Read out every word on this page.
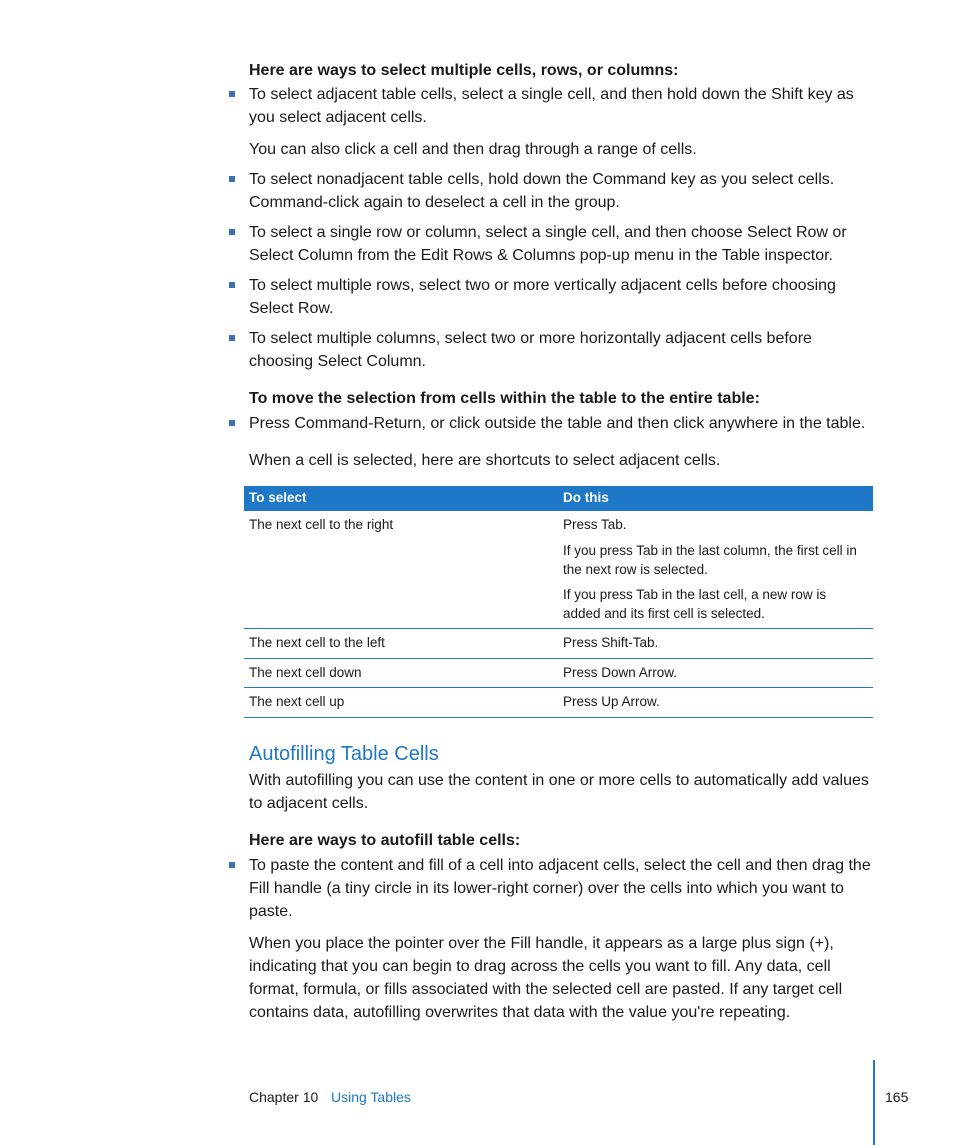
Here are ways to select multiple cells, rows, or columns:
To select adjacent table cells, select a single cell, and then hold down the Shift key as you select adjacent cells.
You can also click a cell and then drag through a range of cells.
To select nonadjacent table cells, hold down the Command key as you select cells. Command-click again to deselect a cell in the group.
To select a single row or column, select a single cell, and then choose Select Row or Select Column from the Edit Rows & Columns pop-up menu in the Table inspector.
To select multiple rows, select two or more vertically adjacent cells before choosing Select Row.
To select multiple columns, select two or more horizontally adjacent cells before choosing Select Column.
To move the selection from cells within the table to the entire table:
Press Command-Return, or click outside the table and then click anywhere in the table.
When a cell is selected, here are shortcuts to select adjacent cells.
To select	Do this
The next cell to the right	Press Tab.
If you press Tab in the last column, the first cell in the next row is selected.
If you press Tab in the last cell, a new row is added and its first cell is selected.
The next cell to the left	Press Shift-Tab.
The next cell down	Press Down Arrow.
The next cell up	Press Up Arrow.
Autofilling Table Cells
With autofilling you can use the content in one or more cells to automatically add values to adjacent cells.
Here are ways to autofill table cells:
To paste the content and fill of a cell into adjacent cells, select the cell and then drag the Fill handle (a tiny circle in its lower-right corner) over the cells into which you want to paste.
When you place the pointer over the Fill handle, it appears as a large plus sign (+), indicating that you can begin to drag across the cells you want to fill. Any data, cell format, formula, or fills associated with the selected cell are pasted. If any target cell contains data, autofilling overwrites that data with the value you're repeating.
Chapter 10 Using Tables	165
